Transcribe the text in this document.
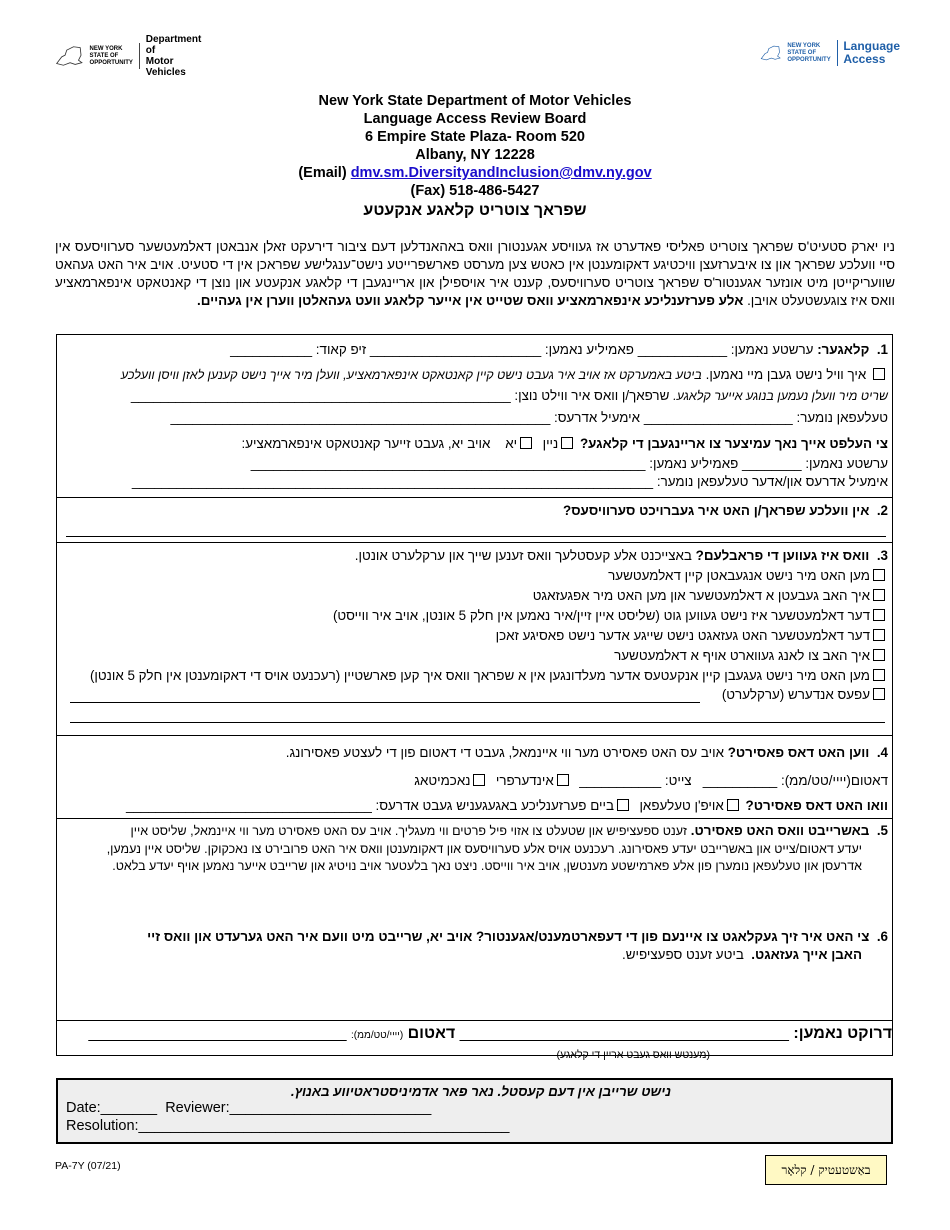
NEW YORK
STATE OF
OPPORTUNITY
Department of
Motor Vehicles
NEW YORK
STATE OF
OPPORTUNITY
Language
Access
New York State Department of Motor Vehicles
Language Access Review Board
6 Empire State Plaza- Room 520
Albany, NY 12228
(Email) dmv.sm.DiversityandInclusion@dmv.ny.gov
(Fax) 518-486-5427
שפראך צוטריט קלאגע אנקעטע
ניו יארק סטעיט'ס שפראך צוטריט פאליסי פאדערט אז געוויסע אגענטורן וואס באהאנדלען דעם ציבור דירעקט זאלן אנבאטן דאלמעטשער סערוויסעס אין סיי וועלכע שפראך און צו איבערזעצן וויכטיגע דאקומענטן אין כאטש צען מערסט פארשפרייטע נישט־ענגלישע שפראכן אין די סטעיט. אויב איר האט געהאט שוועריקייטן מיט אונזער אגענטור'ס שפראך צוטריט סערוויסעס, קענט איר אויספילן און אריינגעבן די קלאגע אנקעטע און נוצן די קאנטאקט אינפארמאציע וואס איז צוגעשטעלט אויבן. אלע פערזענליכע אינפארמאציע וואס שטייט אין אייער קלאגע וועט געהאלטן ווערן אין געהיים.
1.  קלאגער: ערשטע נאמען: ____________ פאמיליע נאמען: _______________________ זיפ קאוד: ___________
איך וויל נישט געבן מיי נאמען. ביטע באמערקט אז אויב איר געבט נישט קיין קאנטאקט אינפארמאציע, וועלן מיר אייך נישט קענען לאזן וויסן וועלכע
שריט מיר וועלן נעמען בנוגע אייער קלאגע. שרפאך/ן וואס איר ווילט נוצן: ___________________________________________________
טעלעפאן נומער: ____________________ אימעיל אדרעס: ___________________________________________________
צי העלפט אייך נאך עמיצער צו אריינגעבן די קלאגע? ניין  יא    אויב יא, געבט זייער קאנטאקט אינפארמאציע:
ערשטע נאמען: ________ פאמיליע נאמען: _____________________________________________________
אימעיל אדרעס און/אדער טעלעפאן נומער: ______________________________________________________________________
2.  אין וועלכע שפראך/ן האט איר געברויכט סערוויסעס?
3.  וואס איז געווען די פראבלעם? באצייכנט אלע קעסטלעך וואס זענען שייך און ערקלערט אונטן.
מען האט מיר נישט אנגעבאטן קיין דאלמעטשער
איך האב געבעטן א דאלמעטשער און מען האט מיר אפגעזאגט
דער דאלמעטשער איז נישט געווען גוט (שליסט איין זיין/איר נאמען אין חלק 5 אונטן, אויב איר ווייסט)
דער דאלמעטשער האט געזאגט נישט שייגע אדער נישט פאסיגע זאכן
איך האב צו לאנג געווארט אויף א דאלמעטשער
מען האט מיר נישט געגעבן קיין אנקעטעס אדער מעלדונגען אין א שפראך וואס איך קען פארשטיין (רעכנעט אויס די דאקומענטן אין חלק 5 אונטן)
עפעס אנדערש (ערקלערט)
4.  ווען האט דאס פאסירט? אויב עס האט פאסירט מער ווי איינמאל, געבט די דאטום פון די לעצטע פאסירונג.
דאטום(יייי/טט/ממ): __________   צייט: ___________  אינדערפרי  נאכמיטאג
וואו האט דאס פאסירט? אויפ'ן טעלעפאן  ביים פערזענליכע באגעגעניש געבט אדרעס: _________________________________
5.  באשרייבט וואס האט פאסירט. זענט ספעציפיש און שטעלט צו אזוי פיל פרטים ווי מעגליך. אויב עס האט פאסירט מער ווי איינמאל, שליסט איין
יעדע דאטום/צייט און באשרייבט יעדע פאסירונג. רעכנעט אויס אלע סערוויסעס און דאקומענטן וואס איר האט פרובירט צו נאכקוקן. שליסט איין נעמען,
אדרעסן און טעלעפאן נומערן פון אלע פארמישטע מענטשן, אויב איר ווייסט. ניצט נאך בלעטער אויב נויטיג און שרייבט אייער נאמען אויף יעדע בלאט.
6.  צי האט איר זיך געקלאגט צו איינעם פון די דעפארטמענט/אגענטור? אויב יא, שרייבט מיט וועם איר האט גערעדט און וואס זיי
האבן אייך געזאגט.  ביטע זענט ספעציפיש.
דרוקט נאמען: _____________________________________ דאטום (יייי/טט/ממ): _____________________________
(מענטש וואס געבט אריין די קלאגע)
נישט שרייבן אין דעם קעסטל. נאר פאר אדמיניסטראטיווע באנוץ.
Date:_______ Reviewer:_________________________
Resolution:______________________________________________
PA-7Y (07/21)	באַשטעטיק / קלאָר
